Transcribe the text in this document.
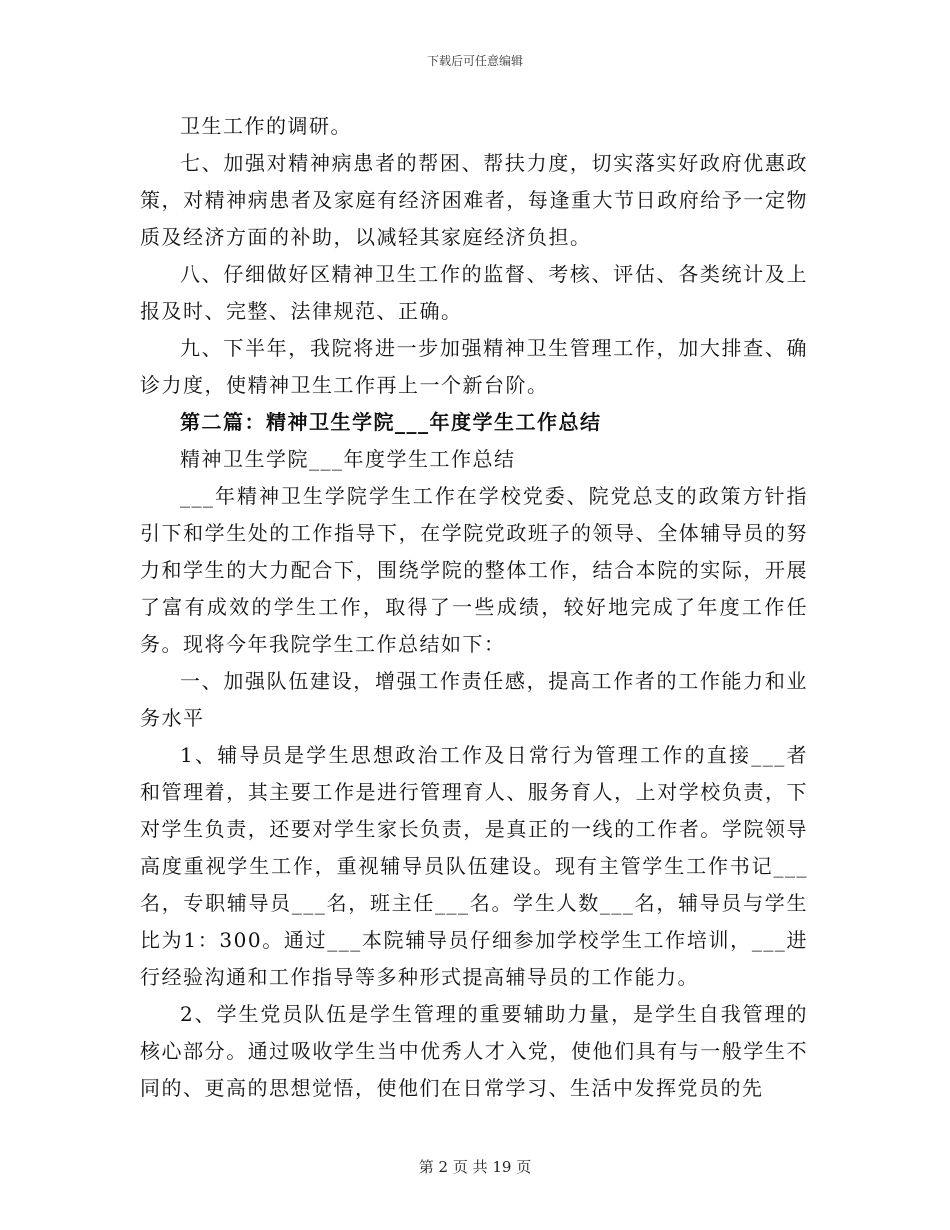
下载后可任意编辑

卫生工作的调研。

七、加强对精神病患者的帮困、帮扶力度，切实落实好政府优惠政策，对精神病患者及家庭有经济困难者，每逢重大节日政府给予一定物质及经济方面的补助，以减轻其家庭经济负担。

八、仔细做好区精神卫生工作的监督、考核、评估、各类统计及上报及时、完整、法律规范、正确。

九、下半年，我院将进一步加强精神卫生管理工作，加大排查、确诊力度，使精神卫生工作再上一个新台阶。

第二篇：精神卫生学院___年度学生工作总结

精神卫生学院___年度学生工作总结

___年精神卫生学院学生工作在学校党委、院党总支的政策方针指引下和学生处的工作指导下，在学院党政班子的领导、全体辅导员的努力和学生的大力配合下，围绕学院的整体工作，结合本院的实际，开展了富有成效的学生工作，取得了一些成绩，较好地完成了年度工作任务。现将今年我院学生工作总结如下：

一、加强队伍建设，增强工作责任感，提高工作者的工作能力和业务水平

1、辅导员是学生思想政治工作及日常行为管理工作的直接___者和管理着，其主要工作是进行管理育人、服务育人，上对学校负责，下对学生负责，还要对学生家长负责，是真正的一线的工作者。学院领导高度重视学生工作，重视辅导员队伍建设。现有主管学生工作书记___名，专职辅导员___名，班主任___名。学生人数___名，辅导员与学生比为1：300。通过___本院辅导员仔细参加学校学生工作培训，___进行经验沟通和工作指导等多种形式提高辅导员的工作能力。

2、学生党员队伍是学生管理的重要辅助力量，是学生自我管理的核心部分。通过吸收学生当中优秀人才入党，使他们具有与一般学生不同的、更高的思想觉悟，使他们在日常学习、生活中发挥党员的先

第 2 页 共 19 页
